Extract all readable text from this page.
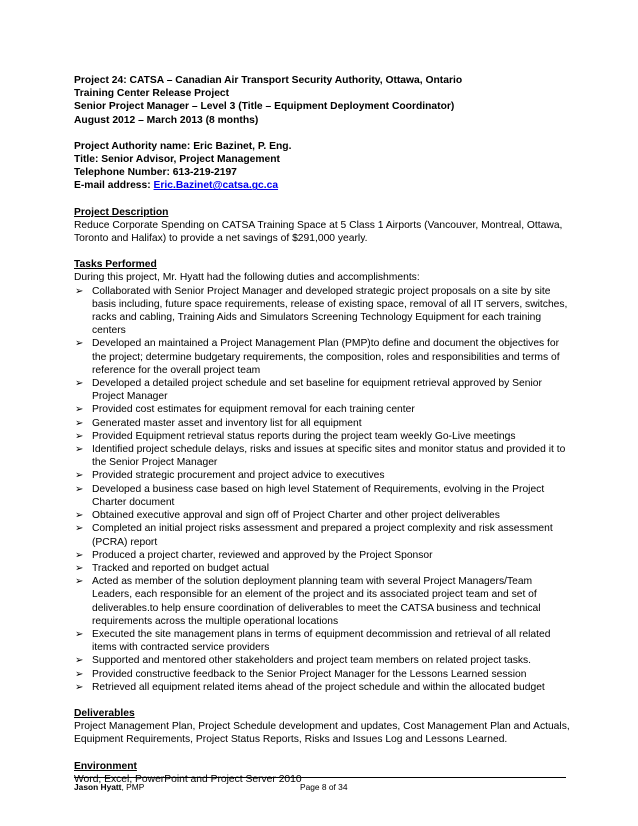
Project 24: CATSA – Canadian Air Transport Security Authority, Ottawa, Ontario
Training Center Release Project
Senior Project Manager – Level 3 (Title – Equipment Deployment Coordinator)
August 2012 – March 2013 (8 months)
Project Authority name: Eric Bazinet, P. Eng.
Title: Senior Advisor, Project Management
Telephone Number: 613-219-2197
E-mail address: Eric.Bazinet@catsa.gc.ca
Project Description
Reduce Corporate Spending on CATSA Training Space at 5 Class 1 Airports (Vancouver, Montreal, Ottawa, Toronto and Halifax) to provide a net savings of $291,000 yearly.
Tasks Performed
During this project, Mr. Hyatt had the following duties and accomplishments:
➢ Collaborated with Senior Project Manager and developed strategic project proposals on a site by site basis including, future space requirements, release of existing space, removal of all IT servers, switches, racks and cabling, Training Aids and Simulators Screening Technology Equipment for each training centers
➢ Developed an maintained a Project Management Plan (PMP)to define and document the objectives for the project; determine budgetary requirements, the composition, roles and responsibilities and terms of reference for the overall project team
➢ Developed a detailed project schedule and set baseline for equipment retrieval approved by Senior Project Manager
➢ Provided cost estimates for equipment removal for each training center
➢ Generated master asset and inventory list for all equipment
➢ Provided Equipment retrieval status reports during the project team weekly Go-Live meetings
➢ Identified project schedule delays, risks and issues at specific sites and monitor status and provided it to the Senior Project Manager
➢ Provided strategic procurement and project advice to executives
➢ Developed a business case based on high level Statement of Requirements, evolving in the Project Charter document
➢ Obtained executive approval and sign off of Project Charter and other project deliverables
➢ Completed an initial project risks assessment and prepared a project complexity and risk assessment (PCRA) report
➢ Produced a project charter, reviewed and approved by the Project Sponsor
➢ Tracked and reported on budget actual
➢ Acted as member of the solution deployment planning team with several Project Managers/Team Leaders, each responsible for an element of the project and its associated project team and set of deliverables.to help ensure coordination of deliverables to meet the CATSA business and technical requirements across the multiple operational locations
➢ Executed the site management plans in terms of equipment decommission and retrieval of all related items with contracted service providers
➢ Supported and mentored other stakeholders and project team members on related project tasks.
➢ Provided constructive feedback to the Senior Project Manager for the Lessons Learned session
➢ Retrieved all equipment related items ahead of the project schedule and within the allocated budget
Deliverables
Project Management Plan, Project Schedule development and updates, Cost Management Plan and Actuals, Equipment Requirements, Project Status Reports, Risks and Issues Log and Lessons Learned.
Environment
Word, Excel, PowerPoint and Project Server 2010
Jason Hyatt, PMP	Page 8 of 34
